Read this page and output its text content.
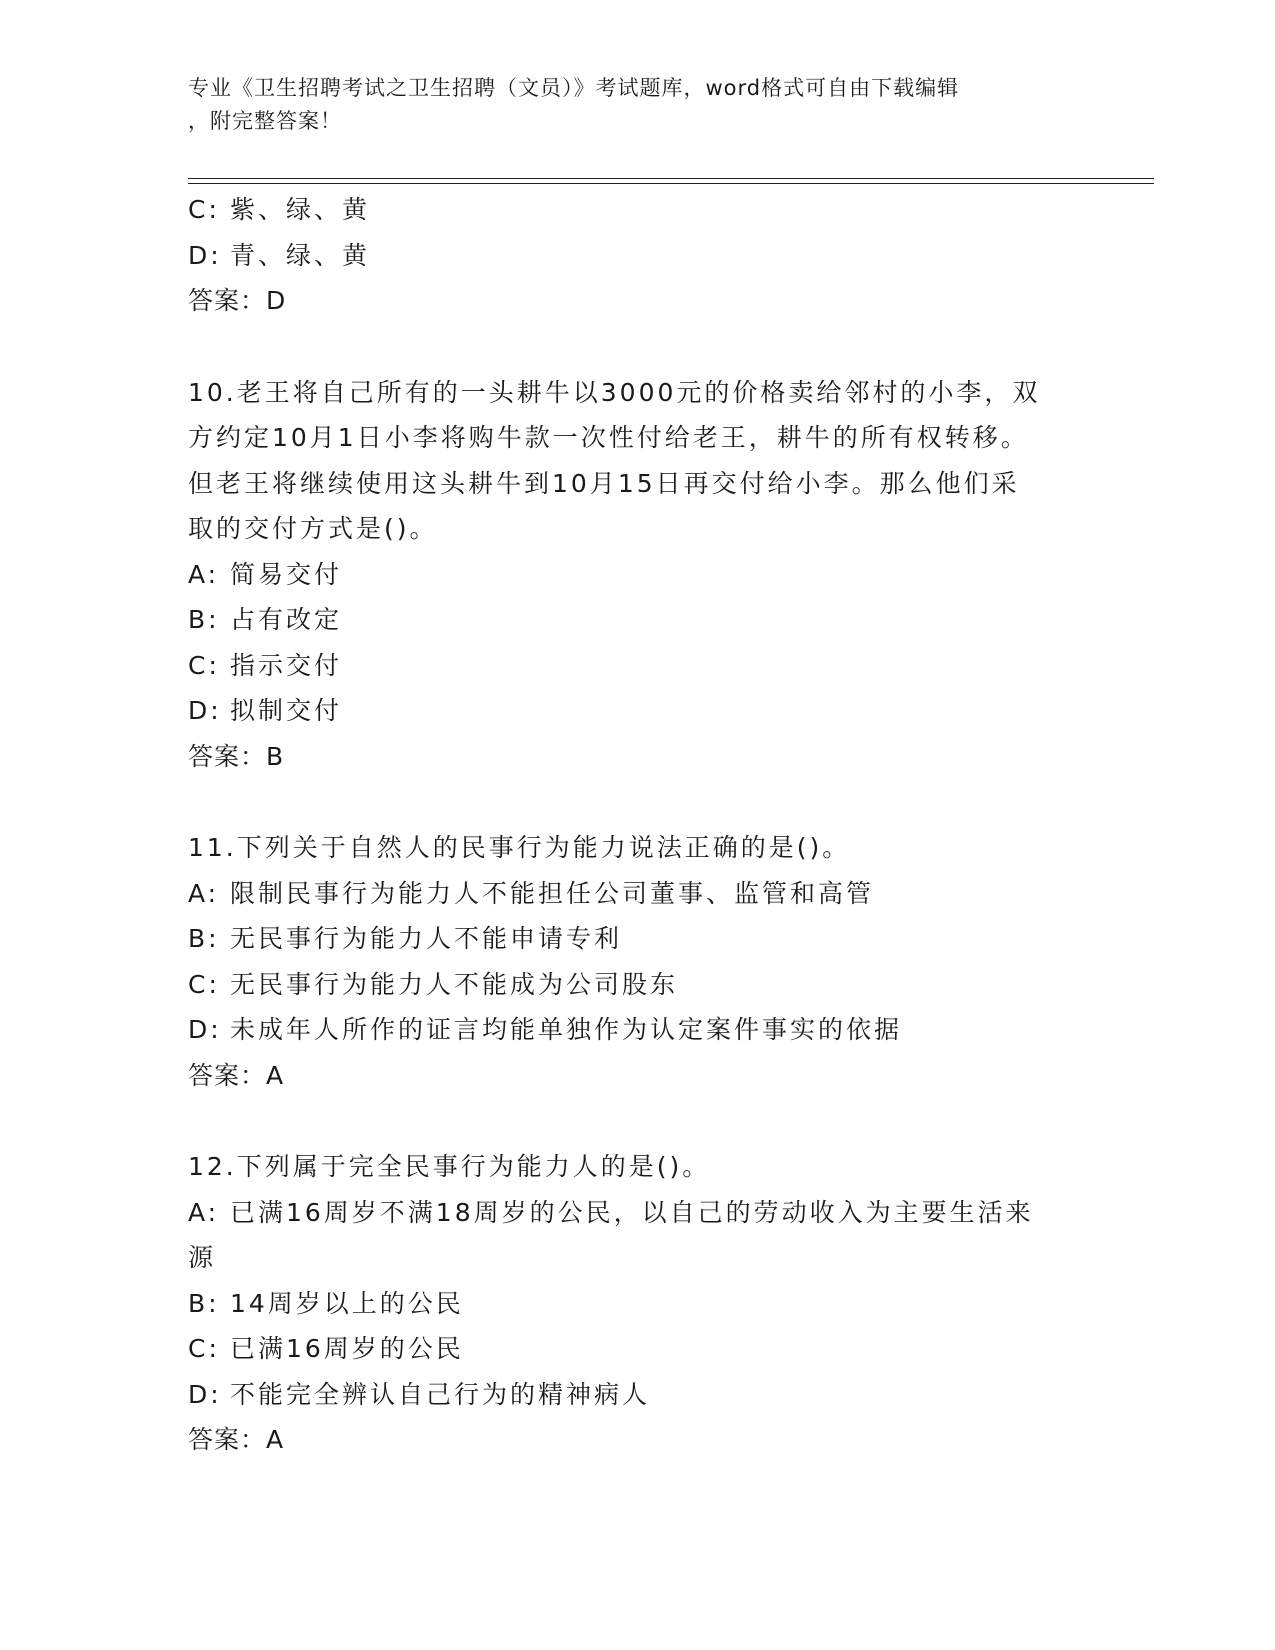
专业《卫生招聘考试之卫生招聘（文员）》考试题库，word格式可自由下载编辑
，附完整答案！
C: 紫、绿、黄
D: 青、绿、黄
答案：D
10.老王将自己所有的一头耕牛以3000元的价格卖给邻村的小李，双
方约定10月1日小李将购牛款一次性付给老王，耕牛的所有权转移。
但老王将继续使用这头耕牛到10月15日再交付给小李。那么他们采
取的交付方式是()。
A: 简易交付
B: 占有改定
C: 指示交付
D: 拟制交付
答案：B
11.下列关于自然人的民事行为能力说法正确的是()。
A: 限制民事行为能力人不能担任公司董事、监管和高管
B: 无民事行为能力人不能申请专利
C: 无民事行为能力人不能成为公司股东
D: 未成年人所作的证言均能单独作为认定案件事实的依据
答案：A
12.下列属于完全民事行为能力人的是()。
A: 已满16周岁不满18周岁的公民，以自己的劳动收入为主要生活来
源
B: 14周岁以上的公民
C: 已满16周岁的公民
D: 不能完全辨认自己行为的精神病人
答案：A
